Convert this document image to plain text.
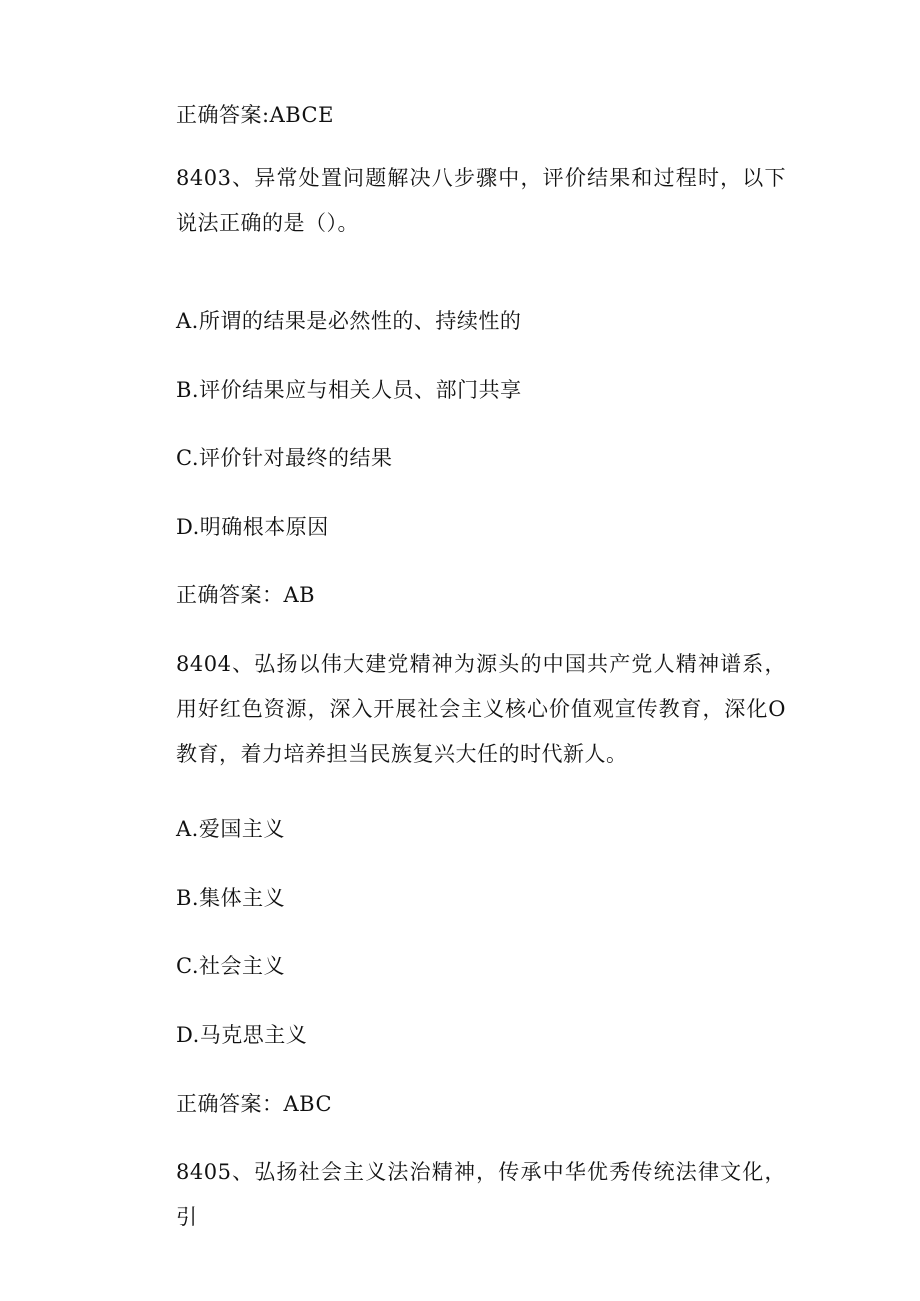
正确答案:ABCE
8403、异常处置问题解决八步骤中，评价结果和过程时，以下说法正确的是（）。
A.所谓的结果是必然性的、持续性的
B.评价结果应与相关人员、部门共享
C.评价针对最终的结果
D.明确根本原因
正确答案：AB
8404、弘扬以伟大建党精神为源头的中国共产党人精神谱系，用好红色资源，深入开展社会主义核心价值观宣传教育，深化O教育，着力培养担当民族复兴大任的时代新人。
A.爱国主义
B.集体主义
C.社会主义
D.马克思主义
正确答案：ABC
8405、弘扬社会主义法治精神，传承中华优秀传统法律文化，引
